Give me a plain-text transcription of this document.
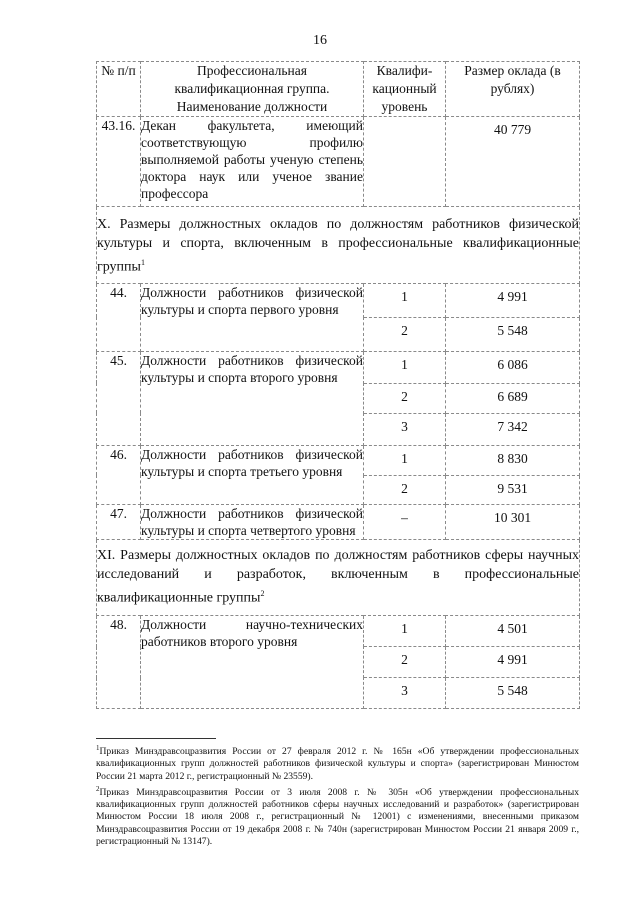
16
№ п/п	Профессиональная квалификационная группа. Наименование должности	Квалифи- кационный уровень	Размер оклада (в рублях)
43.16.	Декан факультета, имеющий соответствующую профилю выполняемой работы ученую степень доктора наук или ученое звание профессора		40 779
X. Размеры должностных окладов по должностям работников физической культуры и спорта, включенным в профессиональные квалификационные группы$^1$
44.	Должности работников физической культуры и спорта первого уровня	1	4 991
		2	5 548
45.	Должности работников физической культуры и спорта второго уровня	1	6 086
		2	6 689
		3	7 342
46.	Должности работников физической культуры и спорта третьего уровня	1	8 830
		2	9 531
47.	Должности работников физической культуры и спорта четвертого уровня	–	10 301
XI. Размеры должностных окладов по должностям работников сферы научных исследований и разработок, включенным в профессиональные квалификационные группы$^2$
48.	Должности научно-технических работников второго уровня	1	4 501
		2	4 991
		3	5 548

$^1$Приказ Минздравсоцразвития России от 27 февраля 2012 г. № 165н «Об утверждении профессиональных квалификационных групп должностей работников физической культуры и спорта» (зарегистрирован Минюстом России 21 марта 2012 г., регистрационный № 23559).

$^2$Приказ Минздравсоцразвития России от 3 июля 2008 г. № 305н «Об утверждении профессиональных квалификационных групп должностей работников сферы научных исследований и разработок» (зарегистрирован Минюстом России 18 июля 2008 г., регистрационный № 12001) с изменениями, внесенными приказом Минздравсоцразвития России от 19 декабря 2008 г. № 740н (зарегистрирован Минюстом России 21 января 2009 г., регистрационный № 13147).
